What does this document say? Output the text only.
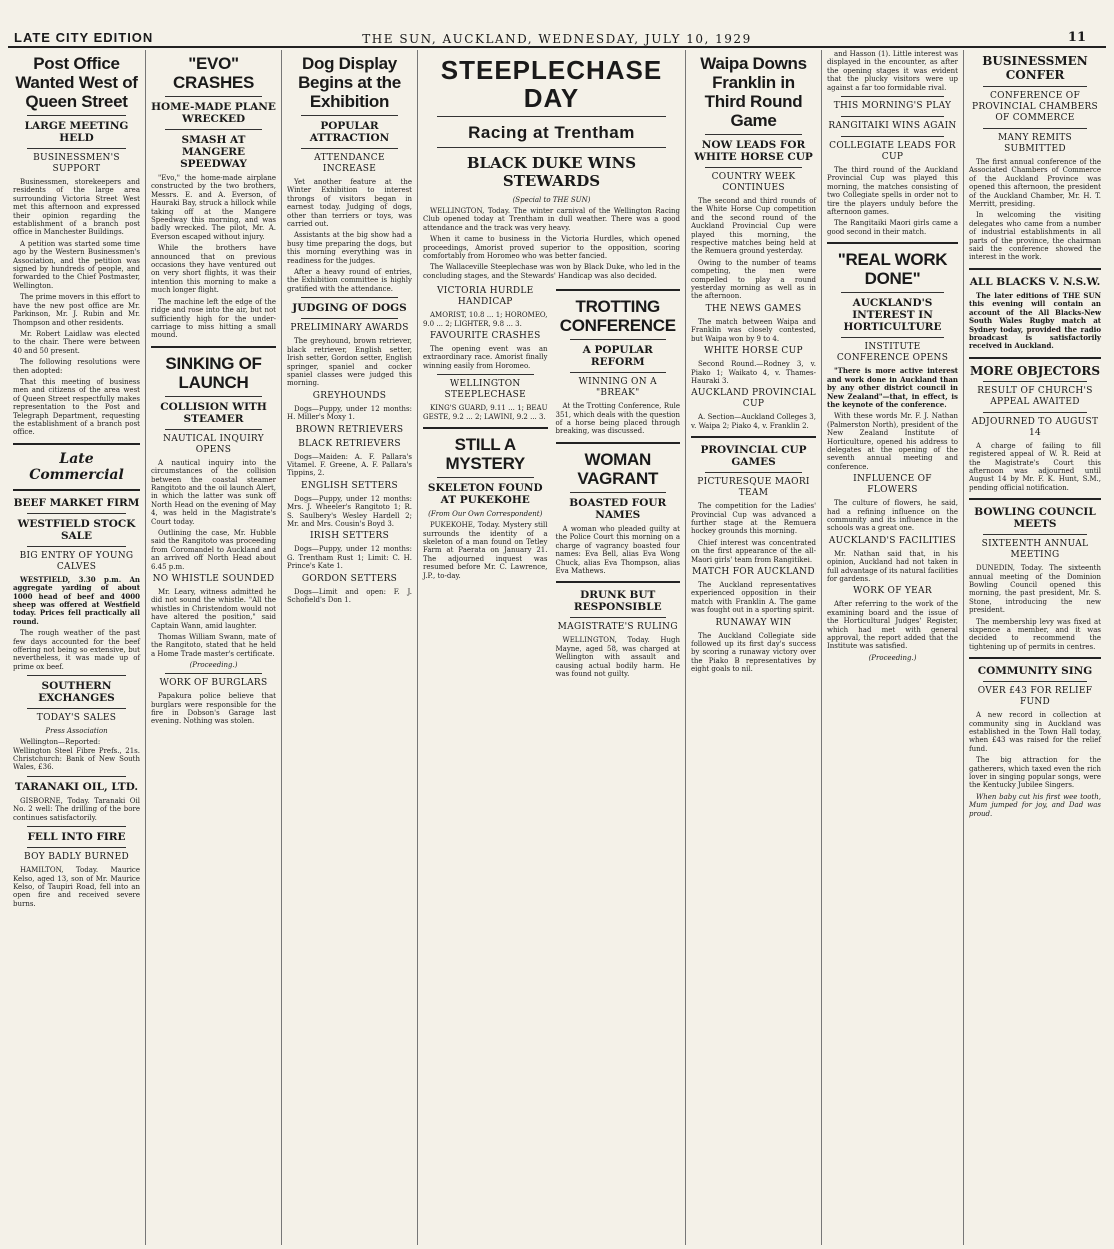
LATE CITY EDITION	THE SUN, AUCKLAND, WEDNESDAY, JULY 10, 1929	11
Post Office Wanted West of Queen Street
LARGE MEETING HELD
BUSINESSMEN'S SUPPORT

Businessmen, storekeepers and residents of the large area surrounding Victoria Street West met this afternoon and expressed their opinion regarding the establishment of a branch post office in Manchester Buildings.

A petition was started some time ago by the Western Businessmen's Association, and the petition was signed by hundreds of people, and forwarded to the Chief Postmaster, Wellington.

The prime movers in this effort to have the new post office are Mr. Parkinson, Mr. J. Rubin and Mr. Thompson and other residents.

Mr. Robert Laidlaw was elected to the chair. There were between 40 and 50 present.

The following resolutions were then adopted:

That this meeting of business men and citizens of the area west of Queen Street respectfully makes representation to the Post and Telegraph Department, requesting the establishment of a branch post office.

Late Commercial
BEEF MARKET FIRM
WESTFIELD STOCK SALE
BIG ENTRY OF YOUNG CALVES

WESTFIELD, 3.30 p.m. An aggregate yarding of about 1000 head of beef and 4000 sheep was offered at Westfield today. Prices fell practically all round.

The rough weather of the past few days accounted for the beef offering not being so extensive, but nevertheless, it was made up of prime ox beef.

SOUTHERN EXCHANGES
TODAY'S SALES
Press Association

Wellington—Reported: Wellington Steel Fibre Prefs., 21s. Christchurch: Bank of New South Wales, £36.

TARANAKI OIL, LTD.

GISBORNE, Today. Taranaki Oil No. 2 well: The drilling of the bore continues satisfactorily.

FELL INTO FIRE
BOY BADLY BURNED

HAMILTON, Today. Maurice Kelso, aged 13, son of Mr. Maurice Kelso, of Taupiri Road, fell into an open fire and received severe burns.

"EVO" CRASHES
HOME-MADE PLANE WRECKED
SMASH AT MANGERE SPEEDWAY

"Evo," the home-made airplane constructed by the two brothers, Messrs. E. and A. Everson, of Hauraki Bay, struck a hillock while taking off at the Mangere Speedway this morning, and was badly wrecked. The pilot, Mr. A. Everson escaped without injury.

While the brothers have announced that on previous occasions they have ventured out on very short flights, it was their intention this morning to make a much longer flight.

The machine left the edge of the ridge and rose into the air, but not sufficiently high for the under-carriage to miss hitting a small mound.

SINKING OF LAUNCH
COLLISION WITH STEAMER
NAUTICAL INQUIRY OPENS

A nautical inquiry into the circumstances of the collision between the coastal steamer Rangitoto and the oil launch Alert, in which the latter was sunk off North Head on the evening of May 4, was held in the Magistrate's Court today.

Outlining the case, Mr. Hubble said the Rangitoto was proceeding from Coromandel to Auckland and an arrived off North Head about 6.45 p.m.

NO WHISTLE SOUNDED

Mr. Leary, witness admitted he did not sound the whistle. "All the whistles in Christendom would not have altered the position," said Captain Wann, amid laughter.

Thomas William Swann, mate of the Rangitoto, stated that he held a Home Trade master's certificate.

(Proceeding.)
WORK OF BURGLARS

Papakura police believe that burglars were responsible for the fire in Dobson's Garage last evening. Nothing was stolen.

Dog Display Begins at the Exhibition
POPULAR ATTRACTION
ATTENDANCE INCREASE

Yet another feature at the Winter Exhibition to interest throngs of visitors began in earnest today. Judging of dogs, other than terriers or toys, was carried out.

Assistants at the big show had a busy time preparing the dogs, but this morning everything was in readiness for the judges.

After a heavy round of entries, the Exhibition committee is highly gratified with the attendance.

JUDGING OF DOGS
PRELIMINARY AWARDS

The greyhound, brown retriever, black retriever, English setter, Irish setter, Gordon setter, English springer, spaniel and cocker spaniel classes were judged this morning.

GREYHOUNDS

Dogs—Puppy, under 12 months: H. Miller's Moxy 1.

BROWN RETRIEVERS
BLACK RETRIEVERS

Dogs—Maiden: A. F. Pallara's Vitamel. F. Greene, A. F. Pallara's Tippins, 2.

ENGLISH SETTERS

Dogs—Puppy, under 12 months: Mrs. J. Wheeler's Rangitoto 1; R. S. Saulbery's Wesley Hardell 2; Mr. and Mrs. Cousin's Boyd 3.

IRISH SETTERS

Dogs—Puppy, under 12 months: G. Trentham Rust 1; Limit: C. H. Prince's Kate 1.

GORDON SETTERS

Dogs—Limit and open: F. J. Schofield's Don 1.

STEEPLECHASE DAY
Racing at Trentham
BLACK DUKE WINS STEWARDS
(Special to THE SUN)

WELLINGTON, Today. The winter carnival of the Wellington Racing Club opened today at Trentham in dull weather. There was a good attendance and the track was very heavy.

When it came to business in the Victoria Hurdles, which opened proceedings, Amorist proved superior to the opposition, scoring comfortably from Horomeo who was better fancied.

The Wallaceville Steeplechase was won by Black Duke, who led in the concluding stages, and the Stewards' Handicap was also decided.

VICTORIA HURDLE HANDICAP

AMORIST, 10.8 ... 1; HOROMEO, 9.0 ... 2; LIGHTER, 9.8 ... 3.

FAVOURITE CRASHES

The opening event was an extraordinary race. Amorist finally winning easily from Horomeo.

WELLINGTON STEEPLECHASE

KING'S GUARD, 9.11 ... 1; BEAU GESTE, 9.2 ... 2; LAWINI, 9.2 ... 3.

STILL A MYSTERY
SKELETON FOUND AT PUKEKOHE
(From Our Own Correspondent)

PUKEKOHE, Today. Mystery still surrounds the identity of a skeleton of a man found on Tetley Farm at Paerata on January 21. The adjourned inquest was resumed before Mr. C. Lawrence, J.P., to-day.

TROTTING CONFERENCE
A POPULAR REFORM
WINNING ON A "BREAK"

At the Trotting Conference, Rule 351, which deals with the question of a horse being placed through breaking, was discussed.

WOMAN VAGRANT
BOASTED FOUR NAMES

A woman who pleaded guilty at the Police Court this morning on a charge of vagrancy boasted four names: Eva Bell, alias Eva Wong Chuck, alias Eva Thompson, alias Eva Mathews.

DRUNK BUT RESPONSIBLE
MAGISTRATE'S RULING

WELLINGTON, Today. Hugh Mayne, aged 58, was charged at Wellington with assault and causing actual bodily harm. He was found not guilty.

Waipa Downs Franklin in Third Round Game
NOW LEADS FOR WHITE HORSE CUP
COUNTRY WEEK CONTINUES

The second and third rounds of the White Horse Cup competition and the second round of the Auckland Provincial Cup were played this morning, the respective matches being held at the Remuera ground yesterday.

Owing to the number of teams competing, the men were compelled to play a round yesterday morning as well as in the afternoon.

THE NEWS GAMES

The match between Waipa and Franklin was closely contested, but Waipa won by 9 to 4.

WHITE HORSE CUP

Second Round.—Rodney 3, v. Piako 1; Waikato 4, v. Thames-Hauraki 3.

AUCKLAND PROVINCIAL CUP

A. Section—Auckland Colleges 3, v. Waipa 2; Piako 4, v. Franklin 2.

PROVINCIAL CUP GAMES
PICTURESQUE MAORI TEAM

The competition for the Ladies' Provincial Cup was advanced a further stage at the Remuera hockey grounds this morning.

Chief interest was concentrated on the first appearance of the all-Maori girls' team from Rangitikei.

MATCH FOR AUCKLAND

The Auckland representatives experienced opposition in their match with Franklin A. The game was fought out in a sporting spirit.

RUNAWAY WIN

The Auckland Collegiate side followed up its first day's success by scoring a runaway victory over the Piako B representatives by eight goals to nil.

and Hasson (1). Little interest was displayed in the encounter, as after the opening stages it was evident that the plucky visitors were up against a far too formidable rival.

THIS MORNING'S PLAY
RANGITAIKI WINS AGAIN
COLLEGIATE LEADS FOR CUP

The third round of the Auckland Provincial Cup was played this morning, the matches consisting of two Collegiate spells in order not to tire the players unduly before the afternoon games.

The Rangitaiki Maori girls came a good second in their match.

"REAL WORK DONE"
AUCKLAND'S INTEREST IN HORTICULTURE
INSTITUTE CONFERENCE OPENS

"There is more active interest and work done in Auckland than by any other district council in New Zealand"—that, in effect, is the keynote of the conference.

With these words Mr. F. J. Nathan (Palmerston North), president of the New Zealand Institute of Horticulture, opened his address to delegates at the opening of the seventh annual meeting and conference.

INFLUENCE OF FLOWERS

The culture of flowers, he said, had a refining influence on the community and its influence in the schools was a great one.

AUCKLAND'S FACILITIES

Mr. Nathan said that, in his opinion, Auckland had not taken in full advantage of its natural facilities for gardens.

WORK OF YEAR

After referring to the work of the examining board and the issue of the Horticultural Judges' Register, which had met with general approval, the report added that the Institute was satisfied.

(Proceeding.)
BUSINESSMEN CONFER
CONFERENCE OF PROVINCIAL CHAMBERS OF COMMERCE
MANY REMITS SUBMITTED

The first annual conference of the Associated Chambers of Commerce of the Auckland Province was opened this afternoon, the president of the Auckland Chamber, Mr. H. T. Merritt, presiding.

In welcoming the visiting delegates who came from a number of industrial establishments in all parts of the province, the chairman said the conference showed the interest in the work.

ALL BLACKS V. N.S.W.

The later editions of THE SUN this evening will contain an account of the All Blacks-New South Wales Rugby match at Sydney today, provided the radio broadcast is satisfactorily received in Auckland.

MORE OBJECTORS
RESULT OF CHURCH'S APPEAL AWAITED
ADJOURNED TO AUGUST 14

A charge of failing to fill registered appeal of W. R. Reid at the Magistrate's Court this afternoon was adjourned until August 14 by Mr. F. K. Hunt, S.M., pending official notification.

BOWLING COUNCIL MEETS
SIXTEENTH ANNUAL MEETING

DUNEDIN, Today. The sixteenth annual meeting of the Dominion Bowling Council opened this morning, the past president, Mr. S. Stone, introducing the new president.

The membership levy was fixed at sixpence a member, and it was decided to recommend the tightening up of permits in centres.

COMMUNITY SING
OVER £43 FOR RELIEF FUND

A new record in collection at community sing in Auckland was established in the Town Hall today, when £43 was raised for the relief fund.

The big attraction for the gatherers, which taxed even the rich lover in singing popular songs, were the Kentucky Jubilee Singers.

When baby cut his first wee tooth, Mum jumped for joy, and Dad was proud.
